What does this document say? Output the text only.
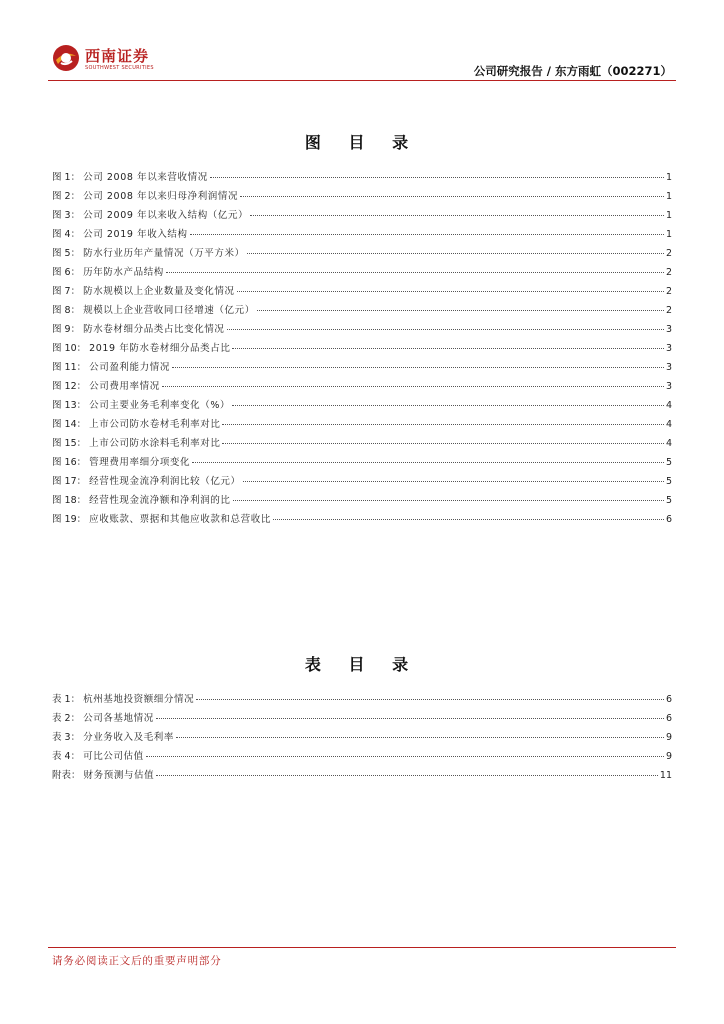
西南证券
SOUTHWEST SECURITIES	公司研究报告 / 东方雨虹（002271）
图 目 录
图 1 ： 公司 2008 年以来营收情况	1
图 2 ： 公司 2008 年以来归母净利润情况	1
图 3 ： 公司 2009 年以来收入结构（亿元）	1
图 4 ： 公司 2019 年收入结构	1
图 5 ： 防水行业历年产量情况（万平方米）	2
图 6 ： 历年防水产品结构	2
图 7 ： 防水规模以上企业数量及变化情况	2
图 8 ： 规模以上企业营收同口径增速（亿元）	2
图 9 ： 防水卷材细分品类占比变化情况	3
图 10 ： 2019 年防水卷材细分品类占比	3
图 11 ： 公司盈利能力情况	3
图 12 ： 公司费用率情况	3
图 13 ： 公司主要业务毛利率变化（%）	4
图 14 ： 上市公司防水卷材毛利率对比	4
图 15 ： 上市公司防水涂料毛利率对比	4
图 16 ： 管理费用率细分项变化	5
图 17 ： 经营性现金流净利润比较（亿元）	5
图 18 ： 经营性现金流净额和净利润的比	5
图 19 ： 应收账款、票据和其他应收款和总营收比	6
表 目 录
表 1 ： 杭州基地投资额细分情况	6
表 2 ： 公司各基地情况	6
表 3 ： 分业务收入及毛利率	9
表 4 ： 可比公司估值	9
附表 ： 财务预测与估值	11
请务必阅读正文后的重要声明部分
